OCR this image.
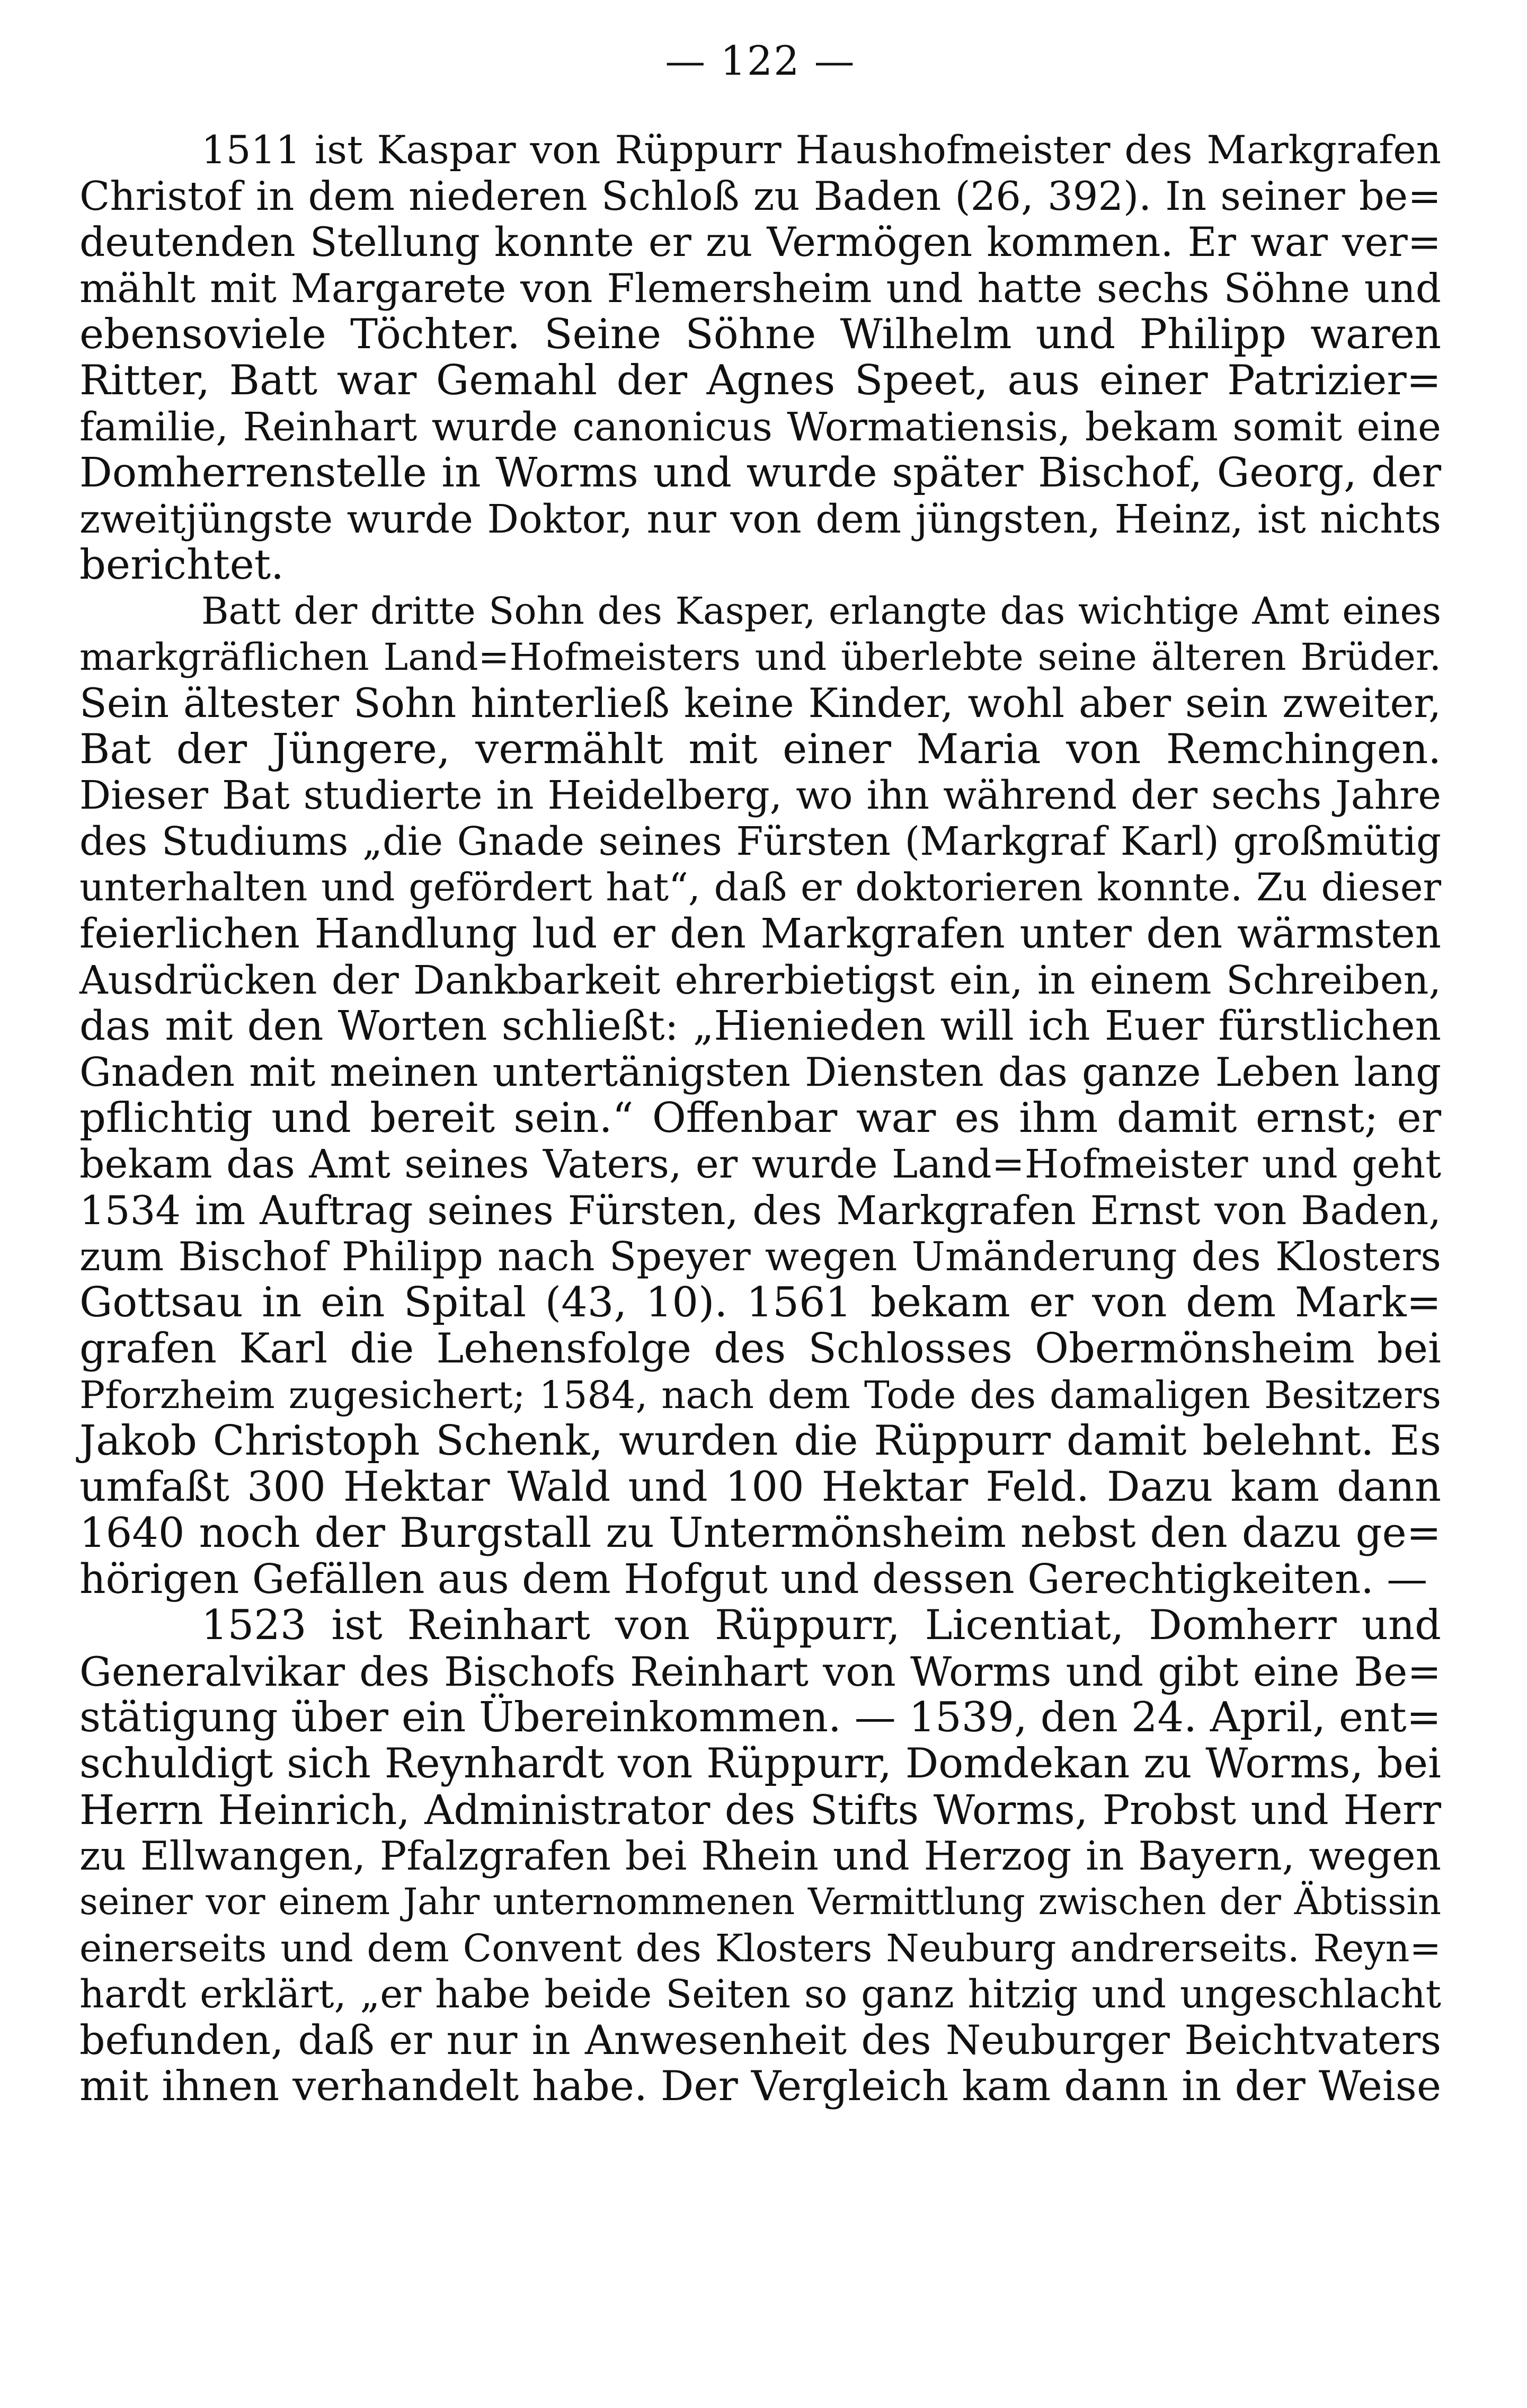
— 122 —
1511 ist Kaspar von Rüppurr Haushofmeister des Markgrafen
Christof in dem niederen Schloß zu Baden (26, 392). In seiner be=
deutenden Stellung konnte er zu Vermögen kommen. Er war ver=
mählt mit Margarete von Flemersheim und hatte sechs Söhne und
ebensoviele Töchter. Seine Söhne Wilhelm und Philipp waren
Ritter, Batt war Gemahl der Agnes Speet, aus einer Patrizier=
familie, Reinhart wurde canonicus Wormatiensis, bekam somit eine
Domherrenstelle in Worms und wurde später Bischof, Georg, der
zweitjüngste wurde Doktor, nur von dem jüngsten, Heinz, ist nichts
berichtet.
Batt der dritte Sohn des Kasper, erlangte das wichtige Amt eines
markgräflichen Land=Hofmeisters und überlebte seine älteren Brüder.
Sein ältester Sohn hinterließ keine Kinder, wohl aber sein zweiter,
Bat der Jüngere, vermählt mit einer Maria von Remchingen.
Dieser Bat studierte in Heidelberg, wo ihn während der sechs Jahre
des Studiums „die Gnade seines Fürsten (Markgraf Karl) großmütig
unterhalten und gefördert hat“, daß er doktorieren konnte. Zu dieser
feierlichen Handlung lud er den Markgrafen unter den wärmsten
Ausdrücken der Dankbarkeit ehrerbietigst ein, in einem Schreiben,
das mit den Worten schließt: „Hienieden will ich Euer fürstlichen
Gnaden mit meinen untertänigsten Diensten das ganze Leben lang
pflichtig und bereit sein.“ Offenbar war es ihm damit ernst; er
bekam das Amt seines Vaters, er wurde Land=Hofmeister und geht
1534 im Auftrag seines Fürsten, des Markgrafen Ernst von Baden,
zum Bischof Philipp nach Speyer wegen Umänderung des Klosters
Gottsau in ein Spital (43, 10). 1561 bekam er von dem Mark=
grafen Karl die Lehensfolge des Schlosses Obermönsheim bei
Pforzheim zugesichert; 1584, nach dem Tode des damaligen Besitzers
Jakob Christoph Schenk, wurden die Rüppurr damit belehnt. Es
umfaßt 300 Hektar Wald und 100 Hektar Feld. Dazu kam dann
1640 noch der Burgstall zu Untermönsheim nebst den dazu ge=
hörigen Gefällen aus dem Hofgut und dessen Gerechtigkeiten. —
1523 ist Reinhart von Rüppurr, Licentiat, Domherr und
Generalvikar des Bischofs Reinhart von Worms und gibt eine Be=
stätigung über ein Übereinkommen. — 1539, den 24. April, ent=
schuldigt sich Reynhardt von Rüppurr, Domdekan zu Worms, bei
Herrn Heinrich, Administrator des Stifts Worms, Probst und Herr
zu Ellwangen, Pfalzgrafen bei Rhein und Herzog in Bayern, wegen
seiner vor einem Jahr unternommenen Vermittlung zwischen der Äbtissin
einerseits und dem Convent des Klosters Neuburg andrerseits. Reyn=
hardt erklärt, „er habe beide Seiten so ganz hitzig und ungeschlacht
befunden, daß er nur in Anwesenheit des Neuburger Beichtvaters
mit ihnen verhandelt habe. Der Vergleich kam dann in der Weise
